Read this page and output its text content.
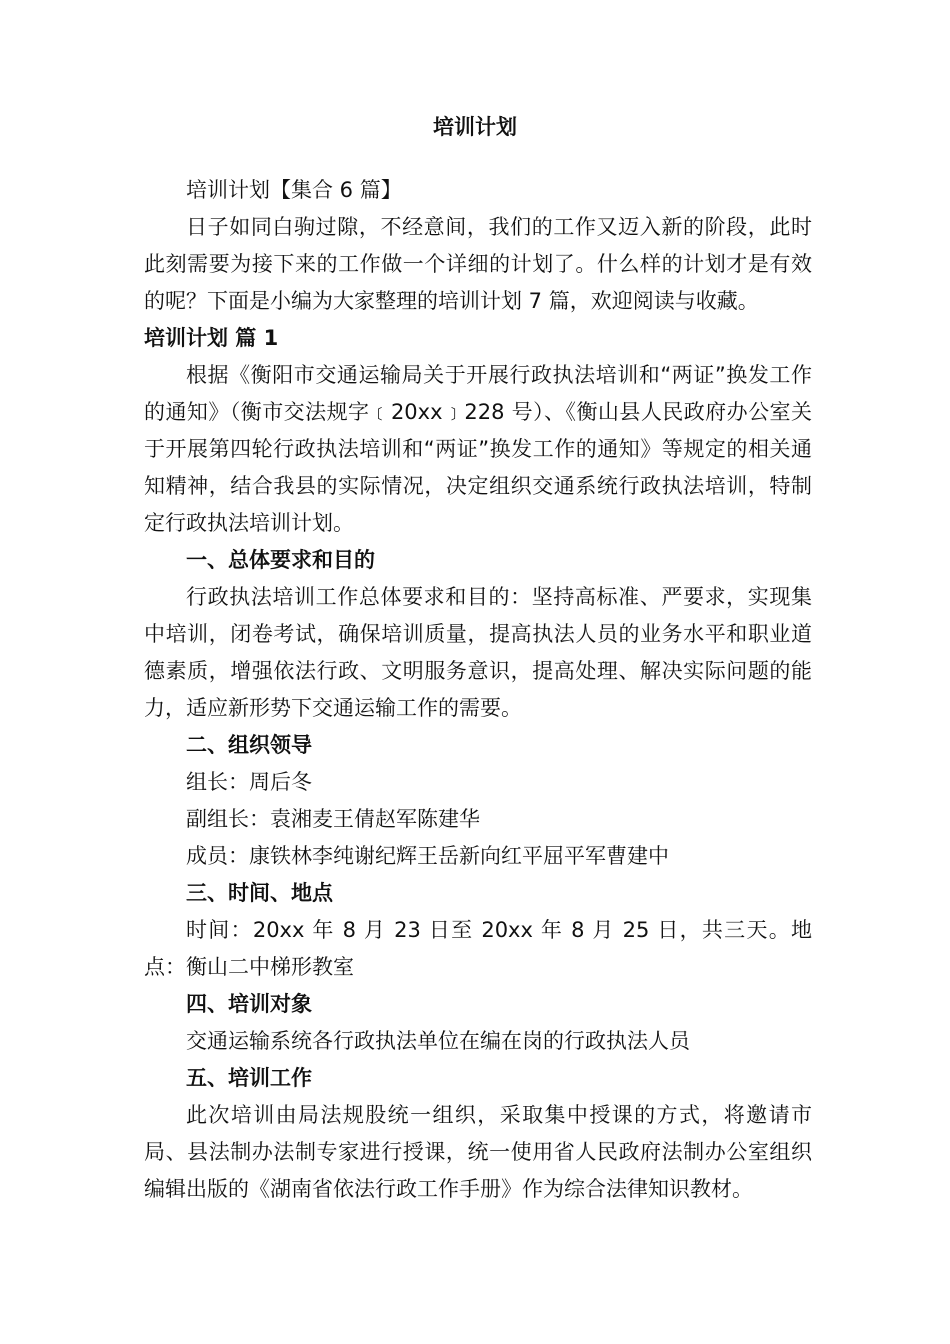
培训计划

培训计划【集合 6 篇】

日子如同白驹过隙，不经意间，我们的工作又迈入新的阶段，此时此刻需要为接下来的工作做一个详细的计划了。什么样的计划才是有效的呢？下面是小编为大家整理的培训计划 7 篇，欢迎阅读与收藏。

培训计划 篇 1

根据《衡阳市交通运输局关于开展行政执法培训和“两证”换发工作的通知》（衡市交法规字﹝20xx﹞228 号）、《衡山县人民政府办公室关于开展第四轮行政执法培训和“两证”换发工作的通知》等规定的相关通知精神，结合我县的实际情况，决定组织交通系统行政执法培训，特制定行政执法培训计划。

一、总体要求和目的

行政执法培训工作总体要求和目的：坚持高标准、严要求，实现集中培训，闭卷考试，确保培训质量，提高执法人员的业务水平和职业道德素质，增强依法行政、文明服务意识，提高处理、解决实际问题的能力，适应新形势下交通运输工作的需要。

二、组织领导

组长：周后冬

副组长：袁湘麦王倩赵军陈建华

成员：康铁林李纯谢纪辉王岳新向红平屈平军曹建中

三、时间、地点

时间：20xx 年 8 月 23 日至 20xx 年 8 月 25 日，共三天。地点：衡山二中梯形教室

四、培训对象

交通运输系统各行政执法单位在编在岗的行政执法人员

五、培训工作

此次培训由局法规股统一组织，采取集中授课的方式，将邀请市局、县法制办法制专家进行授课，统一使用省人民政府法制办公室组织编辑出版的《湖南省依法行政工作手册》作为综合法律知识教材。
